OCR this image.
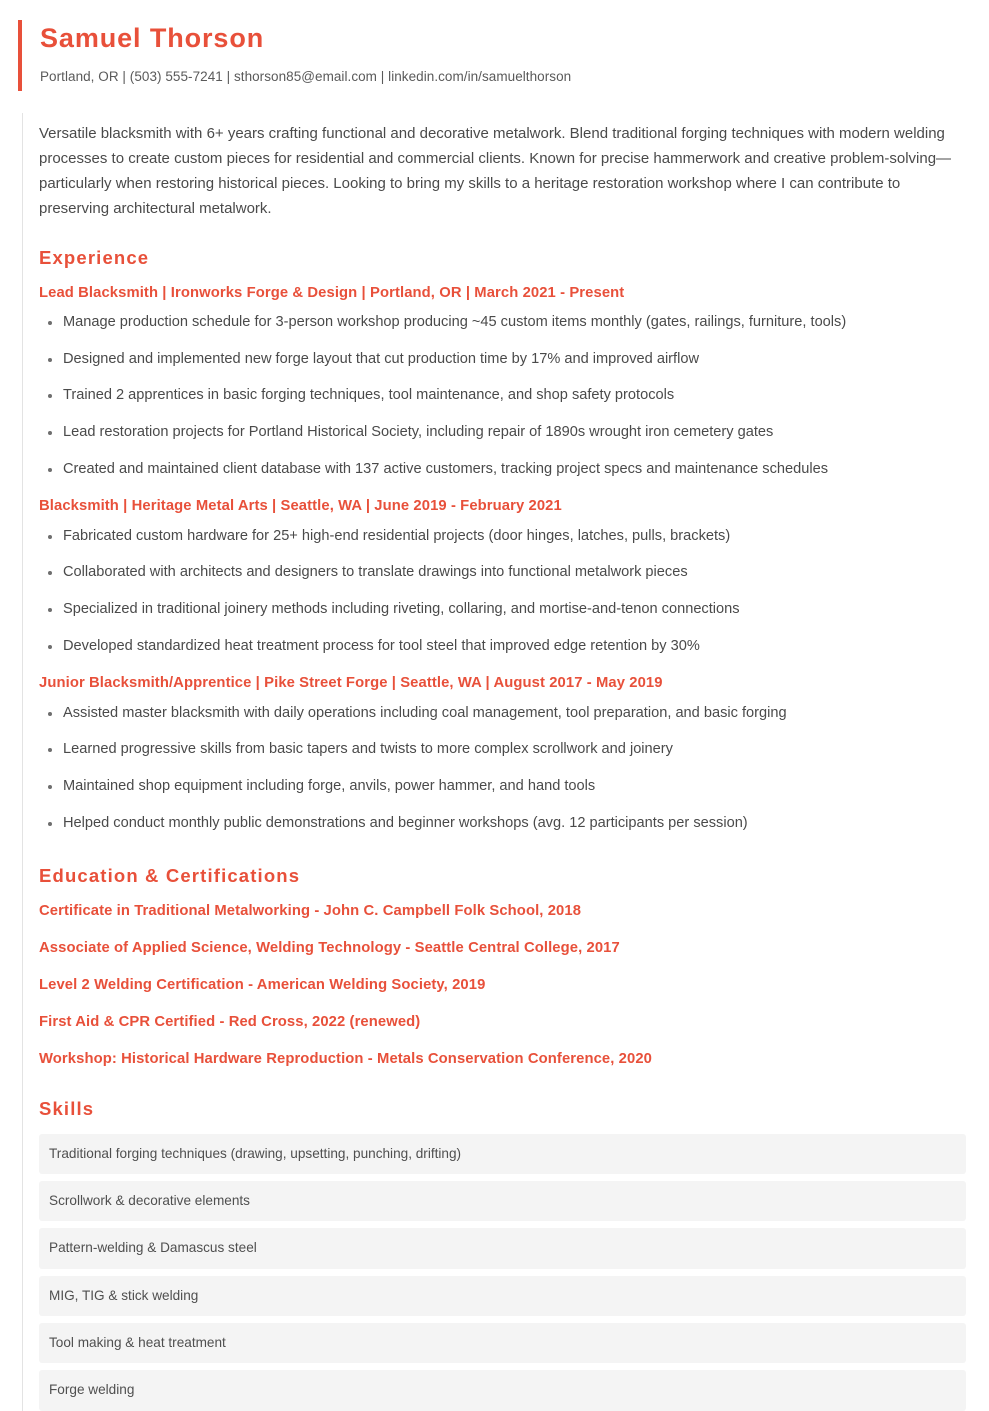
Samuel Thorson

Portland, OR | (503) 555-7241 | sthorson85@email.com | linkedin.com/in/samuelthorson

Versatile blacksmith with 6+ years crafting functional and decorative metalwork. Blend traditional forging techniques with modern welding processes to create custom pieces for residential and commercial clients. Known for precise hammerwork and creative problem-solving—particularly when restoring historical pieces. Looking to bring my skills to a heritage restoration workshop where I can contribute to preserving architectural metalwork.

Experience
Lead Blacksmith | Ironworks Forge & Design | Portland, OR | March 2021 - Present
Manage production schedule for 3-person workshop producing ~45 custom items monthly (gates, railings, furniture, tools)
Designed and implemented new forge layout that cut production time by 17% and improved airflow
Trained 2 apprentices in basic forging techniques, tool maintenance, and shop safety protocols
Lead restoration projects for Portland Historical Society, including repair of 1890s wrought iron cemetery gates
Created and maintained client database with 137 active customers, tracking project specs and maintenance schedules
Blacksmith | Heritage Metal Arts | Seattle, WA | June 2019 - February 2021
Fabricated custom hardware for 25+ high-end residential projects (door hinges, latches, pulls, brackets)
Collaborated with architects and designers to translate drawings into functional metalwork pieces
Specialized in traditional joinery methods including riveting, collaring, and mortise-and-tenon connections
Developed standardized heat treatment process for tool steel that improved edge retention by 30%
Junior Blacksmith/Apprentice | Pike Street Forge | Seattle, WA | August 2017 - May 2019
Assisted master blacksmith with daily operations including coal management, tool preparation, and basic forging
Learned progressive skills from basic tapers and twists to more complex scrollwork and joinery
Maintained shop equipment including forge, anvils, power hammer, and hand tools
Helped conduct monthly public demonstrations and beginner workshops (avg. 12 participants per session)
Education & Certifications
Certificate in Traditional Metalworking - John C. Campbell Folk School, 2018
Associate of Applied Science, Welding Technology - Seattle Central College, 2017
Level 2 Welding Certification - American Welding Society, 2019
First Aid & CPR Certified - Red Cross, 2022 (renewed)
Workshop: Historical Hardware Reproduction - Metals Conservation Conference, 2020
Skills
Traditional forging techniques (drawing, upsetting, punching, drifting)
Scrollwork & decorative elements
Pattern-welding & Damascus steel
MIG, TIG & stick welding
Tool making & heat treatment
Forge welding
